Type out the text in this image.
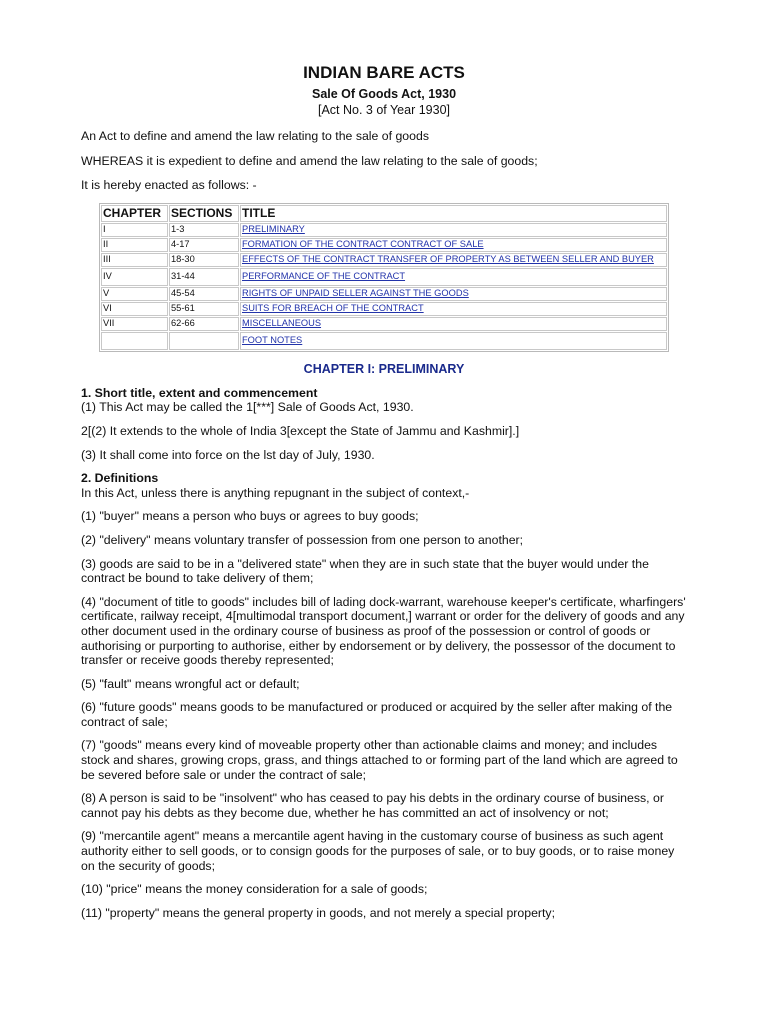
INDIAN BARE ACTS
Sale Of Goods Act, 1930
[Act No. 3 of Year 1930]

An Act to define and amend the law relating to the sale of goods

WHEREAS it is expedient to define and amend the law relating to the sale of goods;

It is hereby enacted as follows: -

CHAPTER	SECTIONS	TITLE
I	1-3	PRELIMINARY
II	4-17	FORMATION OF THE CONTRACT CONTRACT OF SALE
III	18-30	EFFECTS OF THE CONTRACT TRANSFER OF PROPERTY AS BETWEEN SELLER AND BUYER
IV	31-44	PERFORMANCE OF THE CONTRACT
V	45-54	RIGHTS OF UNPAID SELLER AGAINST THE GOODS
VI	55-61	SUITS FOR BREACH OF THE CONTRACT
VII	62-66	MISCELLANEOUS
		FOOT NOTES
CHAPTER I: PRELIMINARY
1. Short title, extent and commencement

(1) This Act may be called the 1[***] Sale of Goods Act, 1930.

2[(2) It extends to the whole of India 3[except the State of Jammu and Kashmir].]

(3) It shall come into force on the lst day of July, 1930.

2. Definitions

In this Act, unless there is anything repugnant in the subject of context,-

(1) "buyer" means a person who buys or agrees to buy goods;

(2) "delivery" means voluntary transfer of possession from one person to another;

(3) goods are said to be in a "delivered state" when they are in such state that the buyer would under the contract be bound to take delivery of them;

(4) "document of title to goods" includes bill of lading dock-warrant, warehouse keeper's certificate, wharfingers' certificate, railway receipt, 4[multimodal transport document,] warrant or order for the delivery of goods and any other document used in the ordinary course of business as proof of the possession or control of goods or authorising or purporting to authorise, either by endorsement or by delivery, the possessor of the document to transfer or receive goods thereby represented;

(5) "fault" means wrongful act or default;

(6) "future goods" means goods to be manufactured or produced or acquired by the seller after making of the contract of sale;

(7) "goods" means every kind of moveable property other than actionable claims and money; and includes stock and shares, growing crops, grass, and things attached to or forming part of the land which are agreed to be severed before sale or under the contract of sale;

(8) A person is said to be "insolvent" who has ceased to pay his debts in the ordinary course of business, or cannot pay his debts as they become due, whether he has committed an act of insolvency or not;

(9) "mercantile agent" means a mercantile agent having in the customary course of business as such agent authority either to sell goods, or to consign goods for the purposes of sale, or to buy goods, or to raise money on the security of goods;

(10) "price" means the money consideration for a sale of goods;

(11) "property" means the general property in goods, and not merely a special property;
